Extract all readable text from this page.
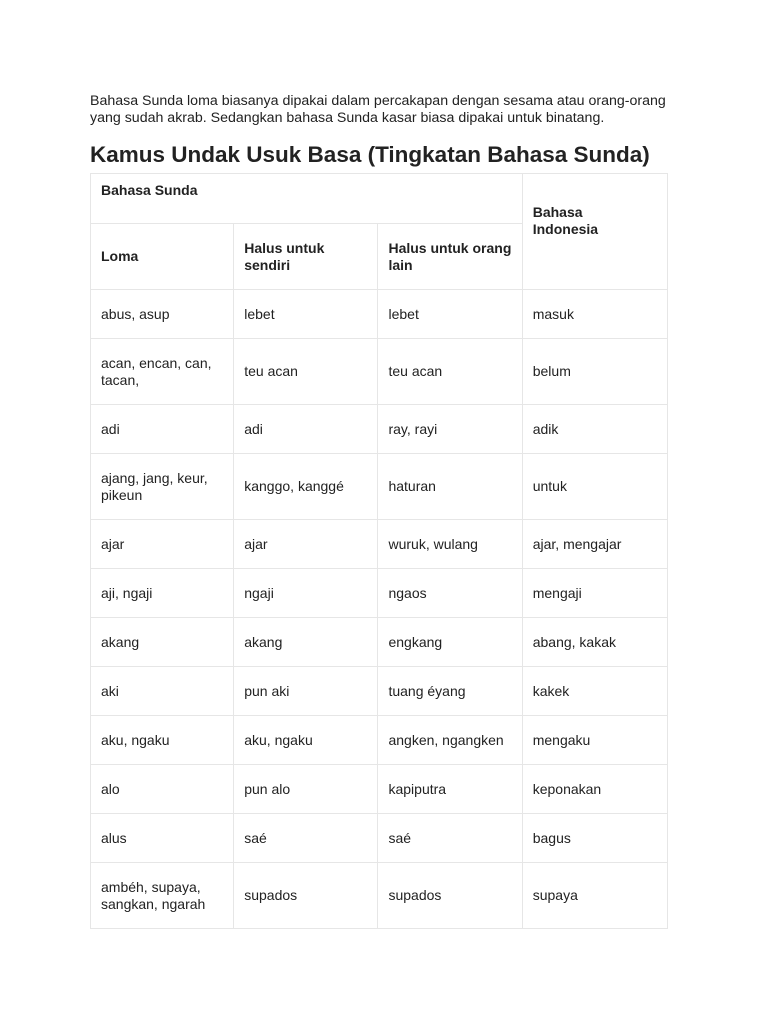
Bahasa Sunda loma biasanya dipakai dalam percakapan dengan sesama atau orang-orang yang sudah akrab. Sedangkan bahasa Sunda kasar biasa dipakai untuk binatang.

Kamus Undak Usuk Basa (Tingkatan Bahasa Sunda)
Bahasa Sunda			Bahasa Indonesia
Loma	Halus untuk sendiri	Halus untuk orang lain	
abus, asup	lebet	lebet	masuk
acan, encan, can, tacan,	teu acan	teu acan	belum
adi	adi	ray, rayi	adik
ajang, jang, keur, pikeun	kanggo, kanggé	haturan	untuk
ajar	ajar	wuruk, wulang	ajar, mengajar
aji, ngaji	ngaji	ngaos	mengaji
akang	akang	engkang	abang, kakak
aki	pun aki	tuang éyang	kakek
aku, ngaku	aku, ngaku	angken, ngangken	mengaku
alo	pun alo	kapiputra	keponakan
alus	saé	saé	bagus
ambéh, supaya, sangkan, ngarah	supados	supados	supaya
